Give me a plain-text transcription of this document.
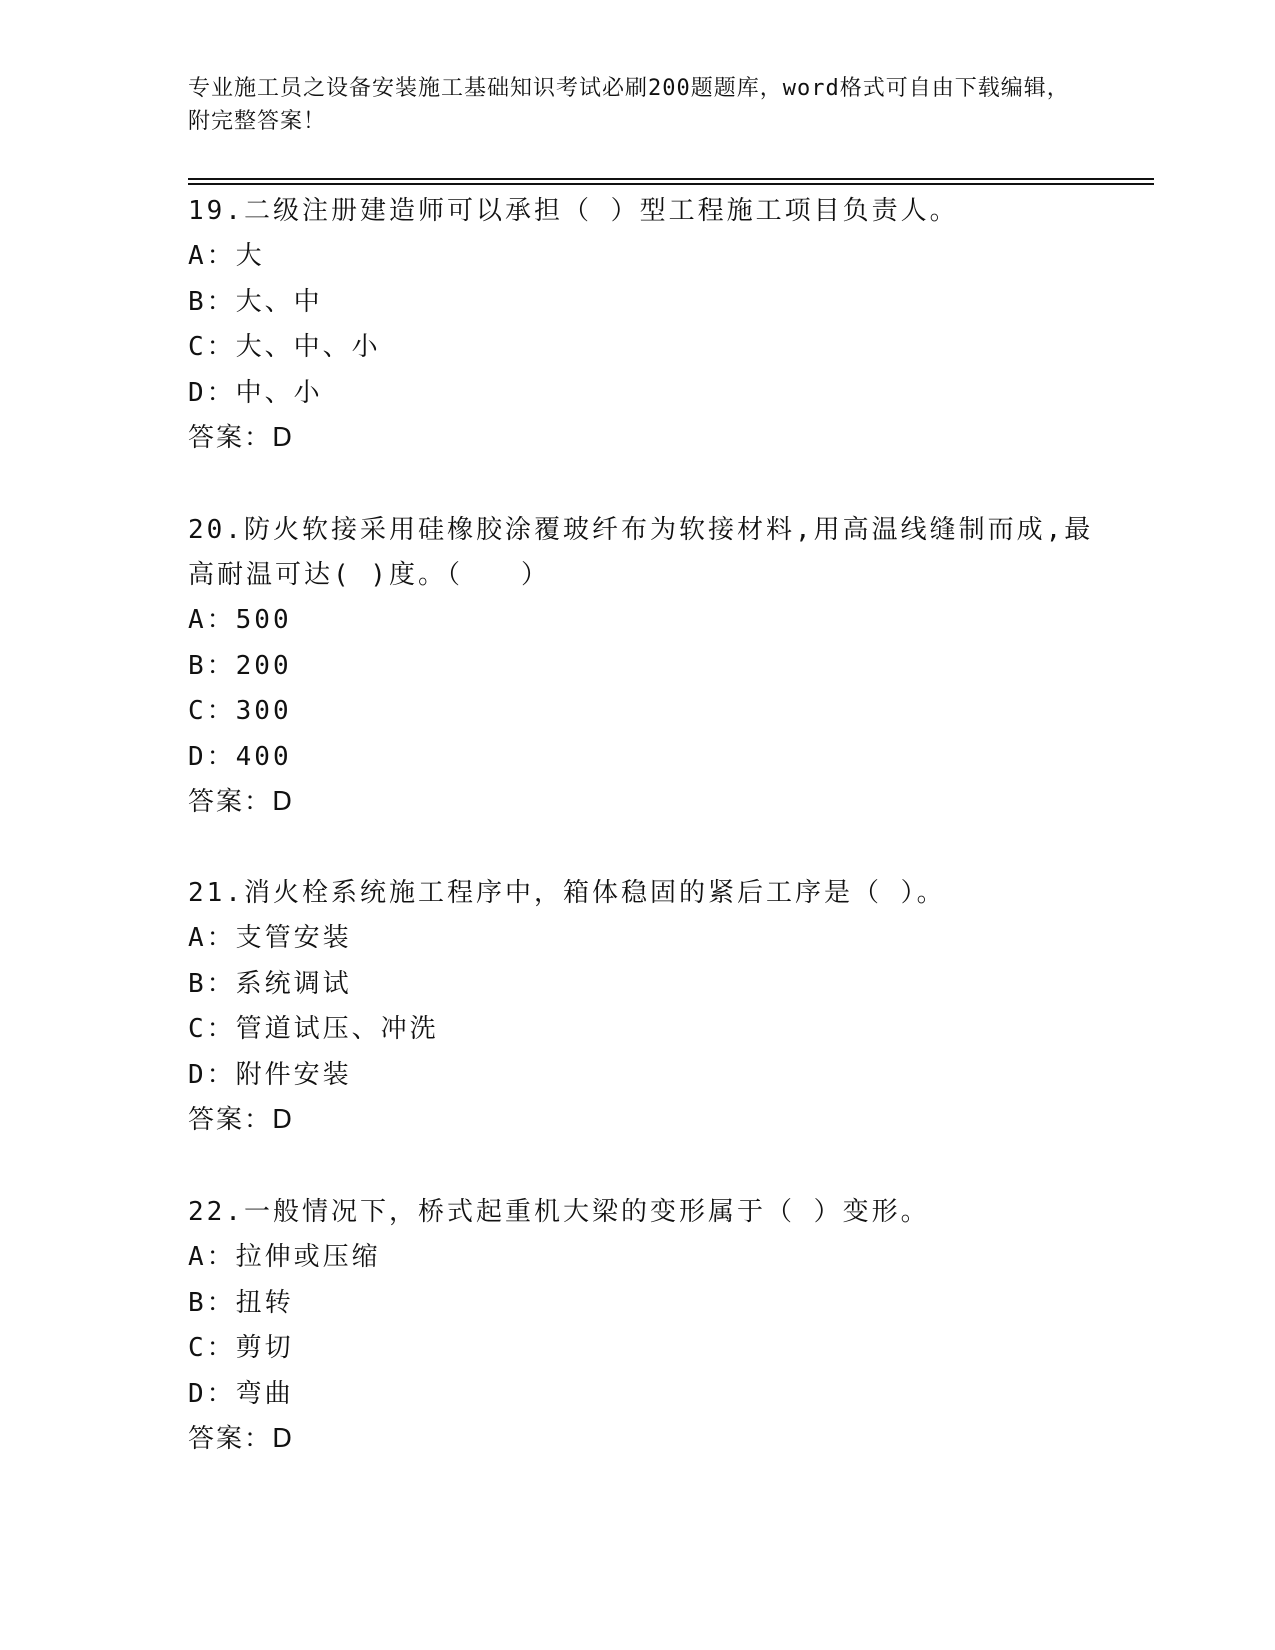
专业施工员之设备安装施工基础知识考试必刷200题题库，word格式可自由下载编辑，附完整答案！

19.二级注册建造师可以承担（ ）型工程施工项目负责人。

A：大

B：大、中

C：大、中、小

D：中、小

答案：D

20.防火软接采用硅橡胶涂覆玻纤布为软接材料,用高温线缝制而成,最高耐温可达( )度。（　　）

A：500

B：200

C：300

D：400

答案：D

21.消火栓系统施工程序中，箱体稳固的紧后工序是（ ）。

A：支管安装

B：系统调试

C：管道试压、冲洗

D：附件安装

答案：D

22.一般情况下，桥式起重机大梁的变形属于（ ）变形。

A：拉伸或压缩

B：扭转

C：剪切

D：弯曲

答案：D
